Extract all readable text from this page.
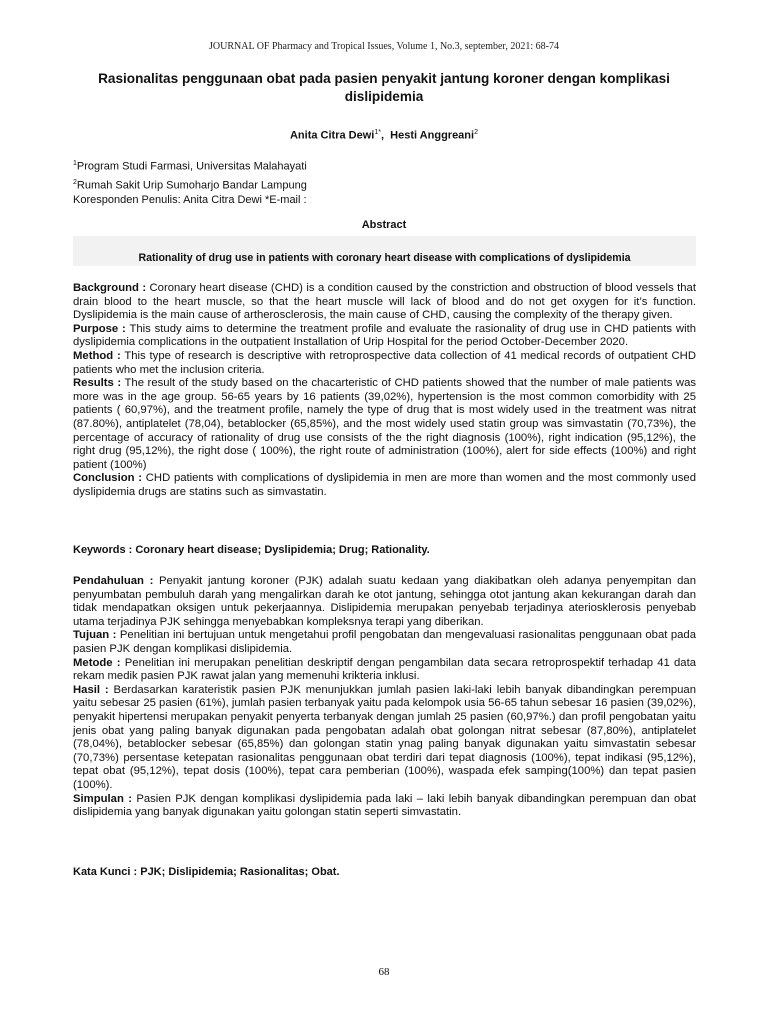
JOURNAL OF Pharmacy and Tropical Issues, Volume 1, No.3, september, 2021: 68-74
Rasionalitas penggunaan obat pada pasien penyakit jantung koroner dengan komplikasi dislipidemia
Anita Citra Dewi$^{1*}$,  Hesti Anggreani$^2$
$^1$Program Studi Farmasi, Universitas Malahayati
$^2$Rumah Sakit Urip Sumoharjo Bandar Lampung
Koresponden Penulis: Anita Citra Dewi *E-mail :
Abstract
Rationality of drug use in patients with coronary heart disease with complications of dyslipidemia

Background : Coronary heart disease (CHD) is a condition caused by the constriction and obstruction of blood vessels that drain blood to the heart muscle, so that the heart muscle will lack of blood and do not get oxygen for it’s function. Dyslipidemia is the main cause of artherosclerosis, the main cause of CHD, causing the complexity of the therapy given.

Purpose : This study aims to determine the treatment profile and evaluate the rasionality of drug use in CHD patients with dyslipidemia complications in the outpatient Installation of Urip Hospital for the period October-December 2020.

Method : This type of research is descriptive with retroprospective data collection of 41 medical records of outpatient CHD patients who met the inclusion criteria.

Results : The result of the study based on the chacarteristic of CHD patients showed that the number of male patients was more was in the age group. 56-65 years by 16 patients (39,02%), hypertension is the most common comorbidity with 25 patients ( 60,97%), and the treatment profile, namely the type of drug that is most widely used in the treatment was nitrat (87.80%), antiplatelet (78,04), betablocker (65,85%), and the most widely used statin group was simvastatin (70,73%), the percentage of accuracy of rationality of drug use consists of the the right diagnosis (100%), right indication (95,12%), the right drug (95,12%), the right dose ( 100%), the right route of administration (100%), alert for side effects (100%) and right patient (100%)

Conclusion : CHD patients with complications of dyslipidemia in men are more than women and the most commonly used dyslipidemia drugs are statins such as simvastatin.

Keywords : Coronary heart disease; Dyslipidemia; Drug; Rationality.

Pendahuluan : Penyakit jantung koroner (PJK) adalah suatu kedaan yang diakibatkan oleh adanya penyempitan dan penyumbatan pembuluh darah yang mengalirkan darah ke otot jantung, sehingga otot jantung akan kekurangan darah dan tidak mendapatkan oksigen untuk pekerjaannya. Dislipidemia merupakan penyebab terjadinya ateriosklerosis penyebab utama terjadinya PJK sehingga menyebabkan kompleksnya terapi yang diberikan.

Tujuan : Penelitian ini bertujuan untuk mengetahui profil pengobatan dan mengevaluasi rasionalitas penggunaan obat pada pasien PJK dengan komplikasi dislipidemia.

Metode : Penelitian ini merupakan penelitian deskriptif dengan pengambilan data secara retroprospektif terhadap 41 data rekam medik pasien PJK rawat jalan yang memenuhi krikteria inklusi.

Hasil : Berdasarkan karateristik pasien PJK menunjukkan jumlah pasien laki-laki lebih banyak dibandingkan perempuan yaitu sebesar 25 pasien (61%), jumlah pasien terbanyak yaitu pada kelompok usia 56-65 tahun sebesar 16 pasien (39,02%), penyakit hipertensi merupakan penyakit penyerta terbanyak dengan jumlah 25 pasien (60,97%.) dan profil pengobatan yaitu jenis obat yang paling banyak digunakan pada pengobatan adalah obat golongan nitrat sebesar (87,80%), antiplatelet (78,04%), betablocker sebesar (65,85%) dan golongan statin ynag paling banyak digunakan yaitu simvastatin sebesar (70,73%) persentase ketepatan rasionalitas penggunaan obat terdiri dari tepat diagnosis (100%), tepat indikasi (95,12%), tepat obat (95,12%), tepat dosis (100%), tepat cara pemberian (100%), waspada efek samping(100%) dan tepat pasien (100%).

Simpulan : Pasien PJK dengan komplikasi dyslipidemia pada laki – laki lebih banyak dibandingkan perempuan dan obat dislipidemia yang banyak digunakan yaitu golongan statin seperti simvastatin.

Kata Kunci : PJK; Dislipidemia; Rasionalitas; Obat.
68
